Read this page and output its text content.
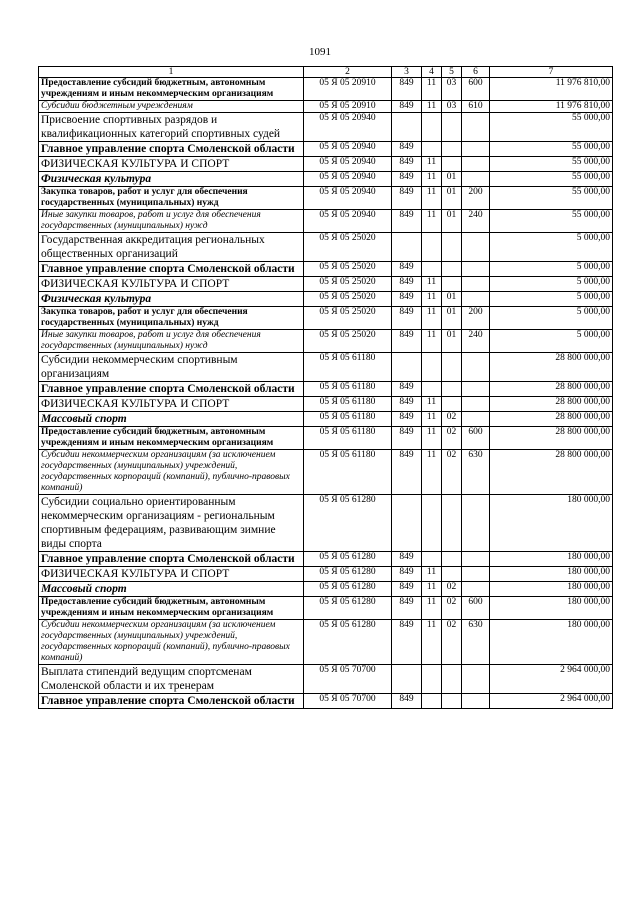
1091
1	2	3	4	5	6	7
Предоставление субсидий бюджетным, автономным учреждениям и иным некоммерческим организациям	05 Я 05 20910	849	11	03	600	11 976 810,00
Субсидии бюджетным учреждениям	05 Я 05 20910	849	11	03	610	11 976 810,00
Присвоение спортивных разрядов и квалификационных категорий спортивных судей	05 Я 05 20940					55 000,00
Главное управление спорта Смоленской области	05 Я 05 20940	849				55 000,00
ФИЗИЧЕСКАЯ КУЛЬТУРА И СПОРТ	05 Я 05 20940	849	11			55 000,00
Физическая культура	05 Я 05 20940	849	11	01		55 000,00
Закупка товаров, работ и услуг для обеспечения государственных (муниципальных) нужд	05 Я 05 20940	849	11	01	200	55 000,00
Иные закупки товаров, работ и услуг для обеспечения государственных (муниципальных) нужд	05 Я 05 20940	849	11	01	240	55 000,00
Государственная аккредитация региональных общественных организаций	05 Я 05 25020					5 000,00
Главное управление спорта Смоленской области	05 Я 05 25020	849				5 000,00
ФИЗИЧЕСКАЯ КУЛЬТУРА И СПОРТ	05 Я 05 25020	849	11			5 000,00
Физическая культура	05 Я 05 25020	849	11	01		5 000,00
Закупка товаров, работ и услуг для обеспечения государственных (муниципальных) нужд	05 Я 05 25020	849	11	01	200	5 000,00
Иные закупки товаров, работ и услуг для обеспечения государственных (муниципальных) нужд	05 Я 05 25020	849	11	01	240	5 000,00
Субсидии некоммерческим спортивным организациям	05 Я 05 61180					28 800 000,00
Главное управление спорта Смоленской области	05 Я 05 61180	849				28 800 000,00
ФИЗИЧЕСКАЯ КУЛЬТУРА И СПОРТ	05 Я 05 61180	849	11			28 800 000,00
Массовый спорт	05 Я 05 61180	849	11	02		28 800 000,00
Предоставление субсидий бюджетным, автономным учреждениям и иным некоммерческим организациям	05 Я 05 61180	849	11	02	600	28 800 000,00
Субсидии некоммерческим организациям (за исключением государственных (муниципальных) учреждений, государственных корпораций (компаний), публично-правовых компаний)	05 Я 05 61180	849	11	02	630	28 800 000,00
Субсидии социально ориентированным некоммерческим организациям - региональным спортивным федерациям, развивающим зимние виды спорта	05 Я 05 61280					180 000,00
Главное управление спорта Смоленской области	05 Я 05 61280	849				180 000,00
ФИЗИЧЕСКАЯ КУЛЬТУРА И СПОРТ	05 Я 05 61280	849	11			180 000,00
Массовый спорт	05 Я 05 61280	849	11	02		180 000,00
Предоставление субсидий бюджетным, автономным учреждениям и иным некоммерческим организациям	05 Я 05 61280	849	11	02	600	180 000,00
Субсидии некоммерческим организациям (за исключением государственных (муниципальных) учреждений, государственных корпораций (компаний), публично-правовых компаний)	05 Я 05 61280	849	11	02	630	180 000,00
Выплата стипендий ведущим спортсменам Смоленской области и их тренерам	05 Я 05 70700					2 964 000,00
Главное управление спорта Смоленской области	05 Я 05 70700	849				2 964 000,00
